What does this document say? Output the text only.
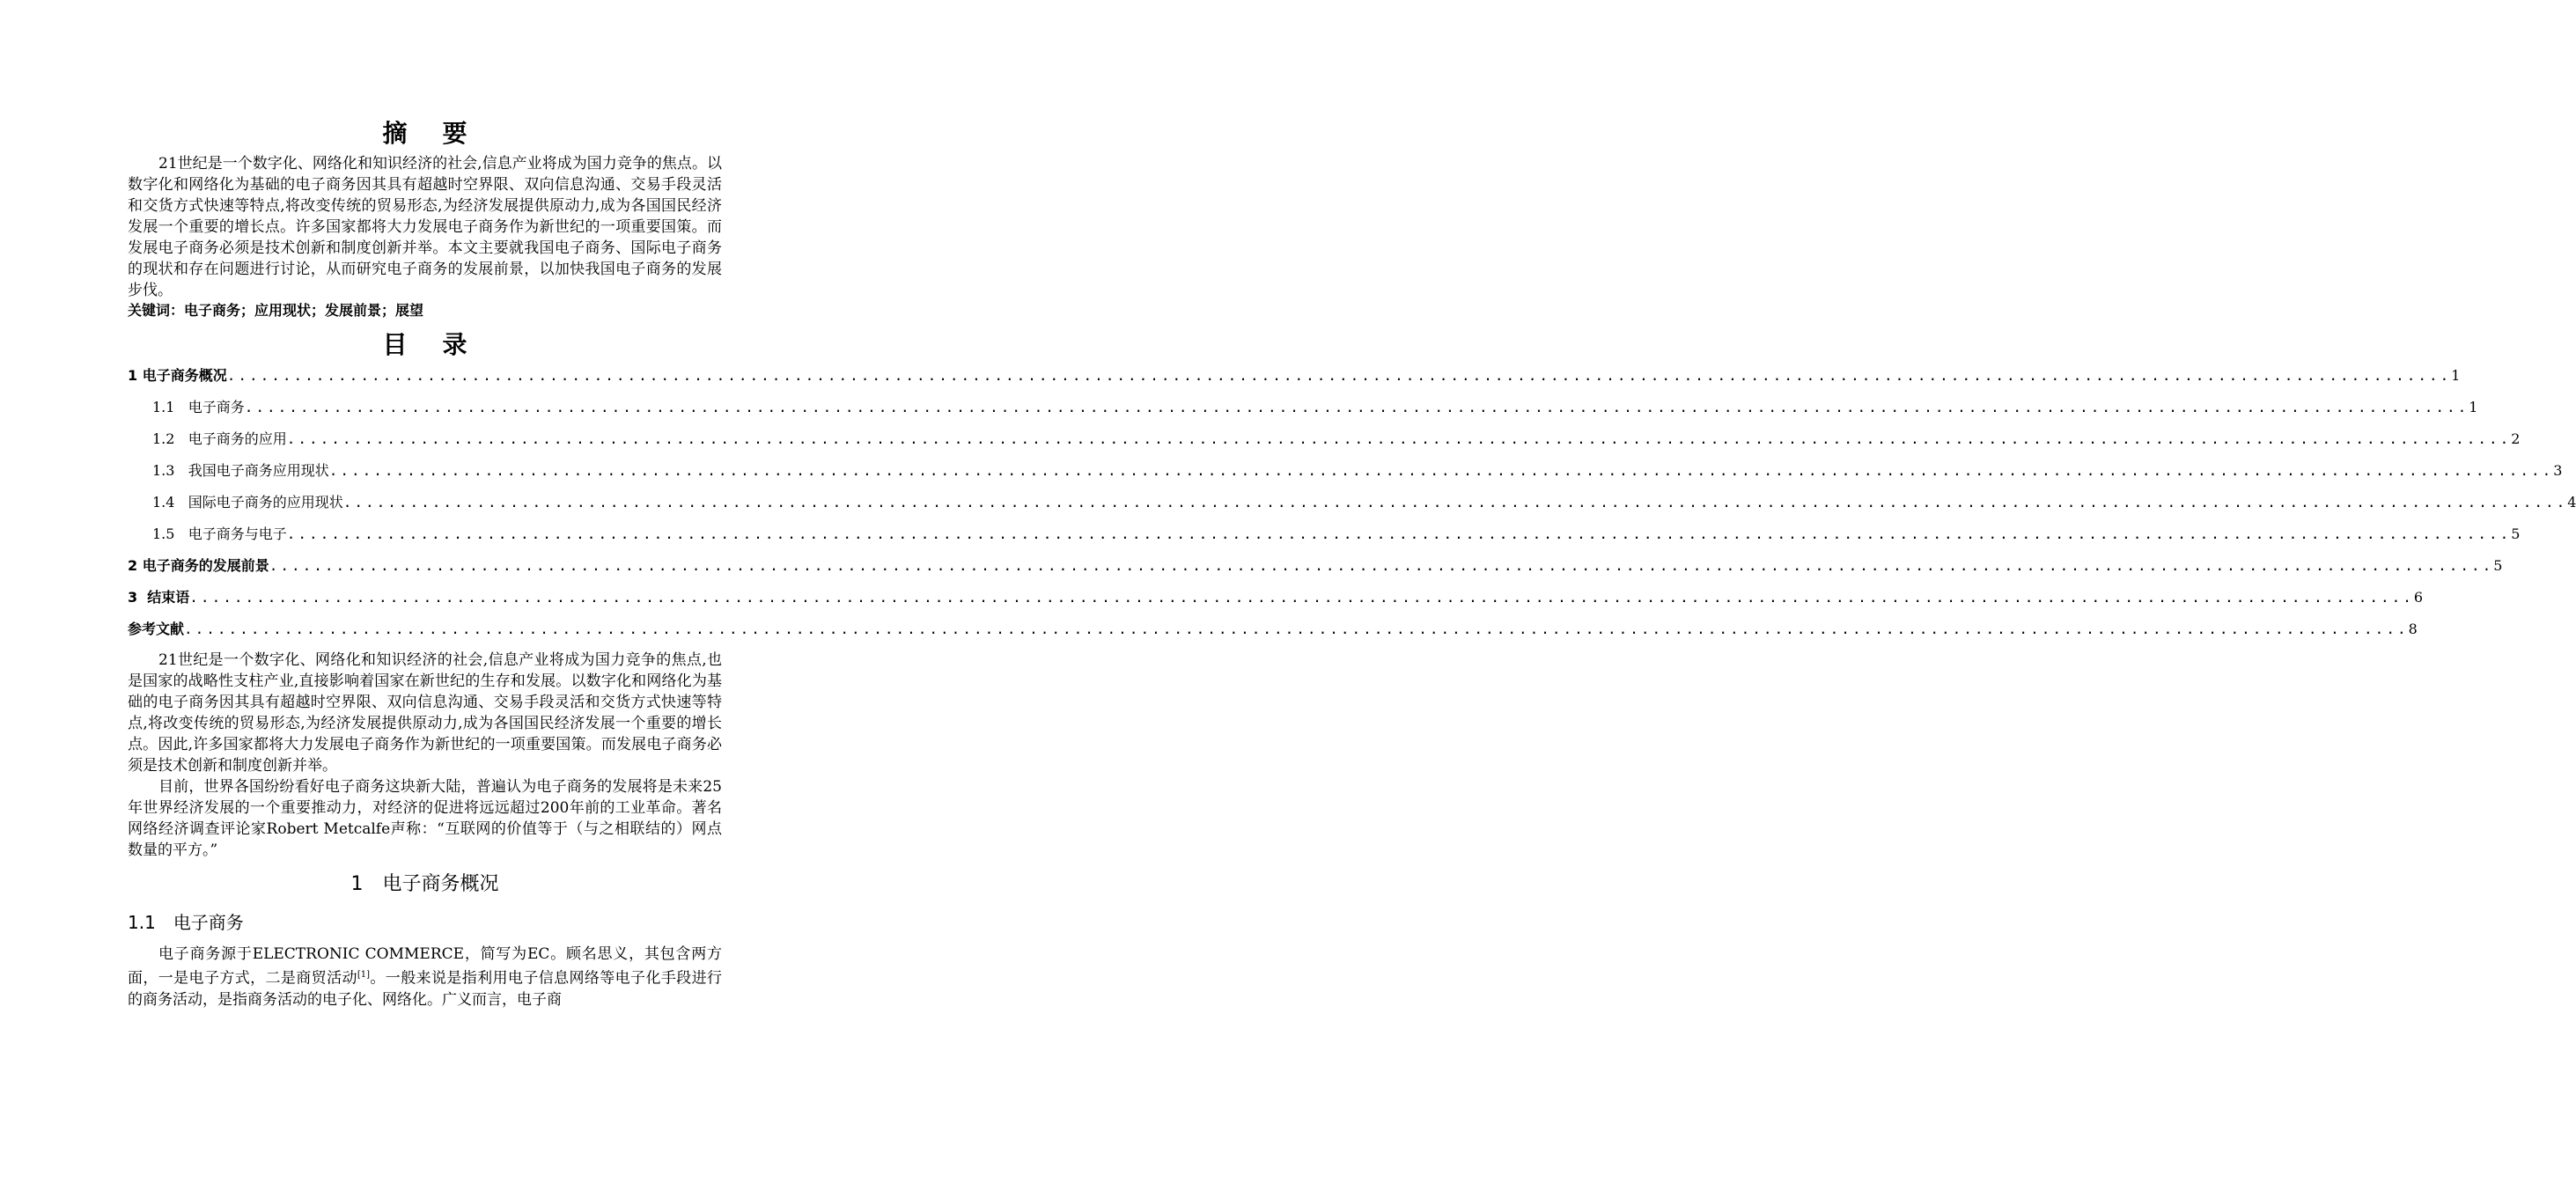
摘要

21世纪是一个数字化、网络化和知识经济的社会,信息产业将成为国力竞争的焦点。以数字化和网络化为基础的电子商务因其具有超越时空界限、双向信息沟通、交易手段灵活和交货方式快速等特点,将改变传统的贸易形态,为经济发展提供原动力,成为各国国民经济发展一个重要的增长点。许多国家都将大力发展电子商务作为新世纪的一项重要国策。而发展电子商务必须是技术创新和制度创新并举。本文主要就我国电子商务、国际电子商务的现状和存在问题进行讨论，从而研究电子商务的发展前景，以加快我国电子商务的发展步伐。

关键词：电子商务；应用现状；发展前景；展望

目录
1 电子商务概况 ........................................................................................................................................................................................................ 1
1.1 电子商务 ........................................................................................................................................................................................................ 1
1.2 电子商务的应用 ........................................................................................................................................................................................................ 2
1.3 我国电子商务应用现状 ........................................................................................................................................................................................................ 3
1.4 国际电子商务的应用现状 ........................................................................................................................................................................................................ 4
1.5 电子商务与电子 ........................................................................................................................................................................................................ 5
2 电子商务的发展前景 ........................................................................................................................................................................................................ 5
3 结束语 ........................................................................................................................................................................................................ 6
参考文献 ........................................................................................................................................................................................................ 8

21世纪是一个数字化、网络化和知识经济的社会,信息产业将成为国力竞争的焦点,也是国家的战略性支柱产业,直接影响着国家在新世纪的生存和发展。以数字化和网络化为基础的电子商务因其具有超越时空界限、双向信息沟通、交易手段灵活和交货方式快速等特点,将改变传统的贸易形态,为经济发展提供原动力,成为各国国民经济发展一个重要的增长点。因此,许多国家都将大力发展电子商务作为新世纪的一项重要国策。而发展电子商务必须是技术创新和制度创新并举。

目前，世界各国纷纷看好电子商务这块新大陆，普遍认为电子商务的发展将是未来25年世界经济发展的一个重要推动力，对经济的促进将远远超过200年前的工业革命。著名网络经济调查评论家Robert Metcalfe声称：“互联网的价值等于（与之相联结的）网点数量的平方。”

1 电子商务概况
1.1 电子商务

电子商务源于ELECTRONIC COMMERCE，简写为EC。顾名思义，其包含两方面，一是电子方式，二是商贸活动[1]。一般来说是指利用电子信息网络等电子化手段进行的商务活动，是指商务活动的电子化、网络化。广义而言，电子商
